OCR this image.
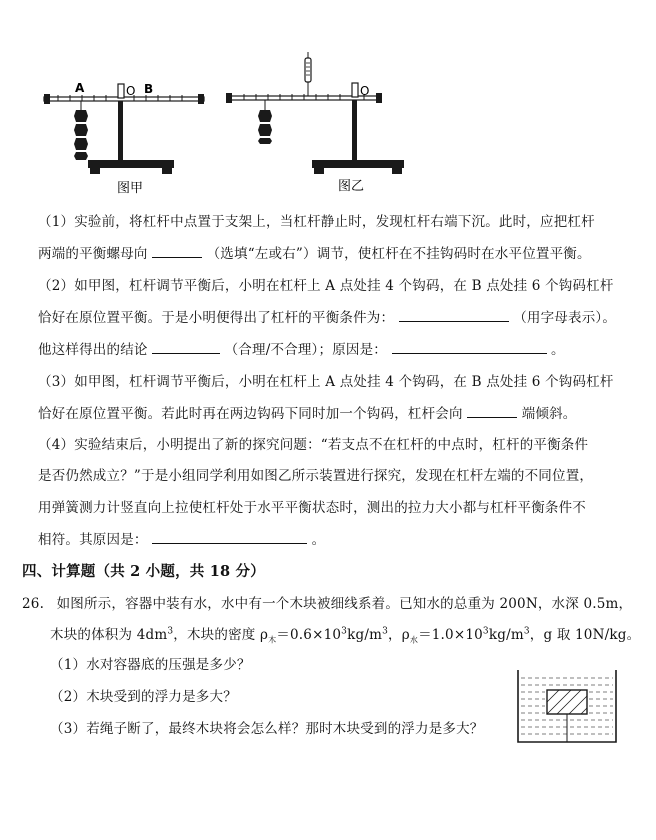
A	O B
图甲
O
图乙
（1）实验前，将杠杆中点置于支架上，当杠杆静止时，发现杠杆右端下沉。此时，应把杠杆
两端的平衡螺母向	（选填“左或右”）调节，使杠杆在不挂钩码时在水平位置平衡。
（2）如甲图，杠杆调节平衡后，小明在杠杆上 A 点处挂 4 个钩码，在 B 点处挂 6 个钩码杠杆
恰好在原位置平衡。于是小明便得出了杠杆的平衡条件为：	（用字母表示）。
他这样得出的结论	（合理/不合理）；原因是：	。
（3）如甲图，杠杆调节平衡后，小明在杠杆上 A 点处挂 4 个钩码，在 B 点处挂 6 个钩码杠杆
恰好在原位置平衡。若此时再在两边钩码下同时加一个钩码，杠杆会向	端倾斜。
（4）实验结束后，小明提出了新的探究问题：“若支点不在杠杆的中点时，杠杆的平衡条件
是否仍然成立？”于是小组同学利用如图乙所示装置进行探究，发现在杠杆左端的不同位置，
用弹簧测力计竖直向上拉使杠杆处于水平平衡状态时，测出的拉力大小都与杠杆平衡条件不
相符。其原因是：	。
四、计算题（共 2 小题，共 18 分）
26. 如图所示，容器中装有水，水中有一个木块被细线系着。已知水的总重为 200N，水深 0.5m，
木块的体积为 $4dm^3$，木块的密度 $\rho_木=0.6\times 10^3kg/m^3$，$\rho_水=1.0\times 10^3kg/m^3$，g 取 10N/kg。
（1）水对容器底的压强是多少？
（2）木块受到的浮力是多大？
（3）若绳子断了，最终木块将会怎么样？那时木块受到的浮力是多大？
